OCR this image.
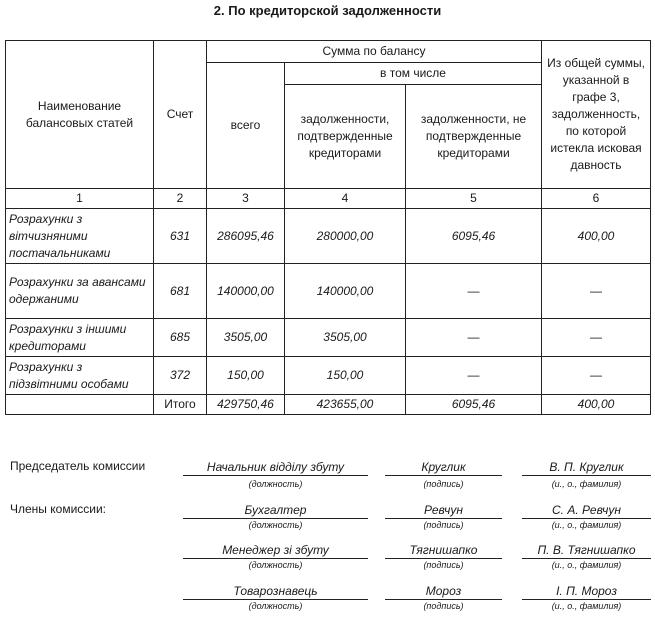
2. По кредиторской задолженности
Наименование балансовых статей	Счет	Сумма по балансу			Из общей суммы, указанной в графе 3, задолженность, по которой истекла исковая давность
		всего	в том числе		
			задолженности, подтвержденные кредиторами	задолженности, не подтвержденные кредиторами	
1	2	3	4	5	6
Розрахунки з вітчизняними постачальниками	631	286095,46	280000,00	6095,46	400,00
Розрахунки за авансами одержаними	681	140000,00	140000,00	—	—
Розрахунки з іншими кредиторами	685	3505,00	3505,00	—	—
Розрахунки з підзвітними особами	372	150,00	150,00	—	—
	Итого	429750,46	423655,00	6095,46	400,00
Председатель комиссии
Члены комиссии:
Начальник відділу збуту	Круглик	В. П. Круглик
(должность)	(подпись)	(и., о., фамилия)
Бухгалтер	Ревчун	С. А. Ревчун
(должность)	(подпись)	(и., о., фамилия)
Менеджер зі збуту	Тягнишапко	П. В. Тягнишапко
(должность)	(подпись)	(и., о., фамилия)
Товарознавець	Мороз	І. П. Мороз
(должность)	(подпись)	(и., о., фамилия)
